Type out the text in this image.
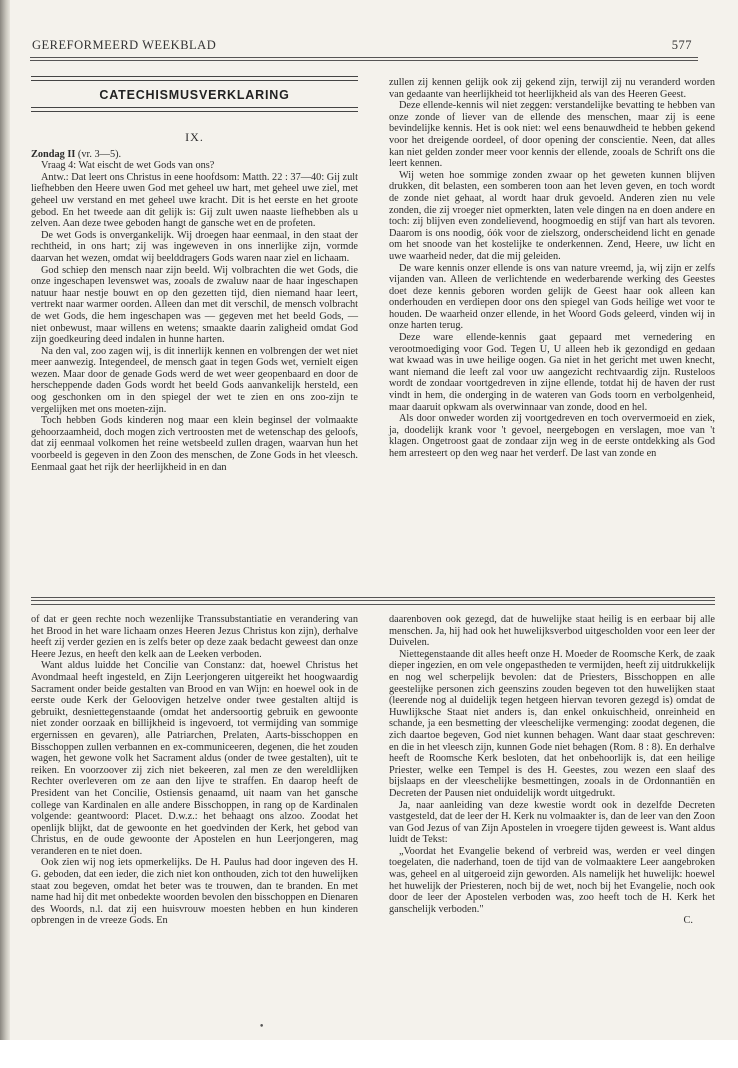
GEREFORMEERD WEEKBLAD	577
CATECHISMUSVERKLARING
IX.

Zondag II (vr. 3—5).

Vraag 4: Wat eischt de wet Gods van ons?

Antw.: Dat leert ons Christus in eene hoofdsom: Matth. 22 : 37—40: Gij zult liefhebben den Heere uwen God met geheel uw hart, met geheel uwe ziel, met geheel uw verstand en met geheel uwe kracht. Dit is het eerste en het groote gebod. En het tweede aan dit gelijk is: Gij zult uwen naaste liefhebben als u zelven. Aan deze twee geboden hangt de gansche wet en de profeten.

De wet Gods is onvergankelijk. Wij droegen haar eenmaal, in den staat der rechtheid, in ons hart; zij was ingeweven in ons innerlijke zijn, vormde daarvan het wezen, omdat wij beelddragers Gods waren naar ziel en lichaam.

God schiep den mensch naar zijn beeld. Wij volbrachten die wet Gods, die onze ingeschapen levenswet was, zooals de zwaluw naar de haar ingeschapen natuur haar nestje bouwt en op den gezetten tijd, dien niemand haar leert, vertrekt naar warmer oorden. Alleen dan met dit verschil, de mensch volbracht de wet Gods, die hem ingeschapen was — gegeven met het beeld Gods, — niet onbewust, maar willens en wetens; smaakte daarin zaligheid omdat God zijn goedkeuring deed indalen in hunne harten.

Na den val, zoo zagen wij, is dit innerlijk kennen en volbrengen der wet niet meer aanwezig. Integendeel, de mensch gaat in tegen Gods wet, vernielt eigen wezen. Maar door de genade Gods werd de wet weer geopenbaard en door de herscheppende daden Gods wordt het beeld Gods aanvankelijk hersteld, een oog geschonken om in den spiegel der wet te zien en ons zoo-zijn te vergelijken met ons moeten-zijn.

Toch hebben Gods kinderen nog maar een klein beginsel der volmaakte gehoorzaamheid, doch mogen zich vertroosten met de wetenschap des geloofs, dat zij eenmaal volkomen het reine wetsbeeld zullen dragen, waarvan hun het voorbeeld is gegeven in den Zoon des menschen, de Zone Gods in het vleesch. Eenmaal gaat het rijk der heerlijkheid in en dan

zullen zij kennen gelijk ook zij gekend zijn, terwijl zij nu veranderd worden van gedaante van heerlijkheid tot heerlijkheid als van des Heeren Geest.

Deze ellende-kennis wil niet zeggen: verstandelijke bevatting te hebben van onze zonde of liever van de ellende des menschen, maar zij is eene bevindelijke kennis. Het is ook niet: wel eens benauwdheid te hebben gekend voor het dreigende oordeel, of door opening der conscientie. Neen, dat alles kan niet gelden zonder meer voor kennis der ellende, zooals de Schrift ons die leert kennen.

Wij weten hoe sommige zonden zwaar op het geweten kunnen blijven drukken, dit belasten, een somberen toon aan het leven geven, en toch wordt de zonde niet gehaat, al wordt haar druk gevoeld. Anderen zien nu vele zonden, die zij vroeger niet opmerkten, laten vele dingen na en doen andere en toch: zij blijven even zondelievend, hoogmoedig en stijf van hart als tevoren. Daarom is ons noodig, óók voor de zielszorg, onderscheidend licht en genade om het snoode van het kostelijke te onderkennen. Zend, Heere, uw licht en uwe waarheid neder, dat die mij geleiden.

De ware kennis onzer ellende is ons van nature vreemd, ja, wij zijn er zelfs vijanden van. Alleen de verlichtende en wederbarende werking des Geestes doet deze kennis geboren worden gelijk de Geest haar ook alleen kan onderhouden en verdiepen door ons den spiegel van Gods heilige wet voor te houden. De waarheid onzer ellende, in het Woord Gods geleerd, vinden wij in onze harten terug.

Deze ware ellende-kennis gaat gepaard met vernedering en verootmoediging voor God. Tegen U, U alleen heb ik gezondigd en gedaan wat kwaad was in uwe heilige oogen. Ga niet in het gericht met uwen knecht, want niemand die leeft zal voor uw aangezicht rechtvaardig zijn. Rusteloos wordt de zondaar voortgedreven in zijne ellende, totdat hij de haven der rust vindt in hem, die onderging in de wateren van Gods toorn en verbolgenheid, maar daaruit opkwam als overwinnaar van zonde, dood en hel.

Als door onweder worden zij voortgedreven en toch oververmoeid en ziek, ja, doodelijk krank voor 't gevoel, neergebogen en verslagen, moe van 't klagen. Ongetroost gaat de zondaar zijn weg in de eerste ontdekking als God hem arresteert op den weg naar het verderf. De last van zonde en

of dat er geen rechte noch wezenlijke Transsubstantiatie en verandering van het Brood in het ware lichaam onzes Heeren Jezus Christus kon zijn), derhalve heeft zij verder gezien en is zelfs beter op deze zaak bedacht geweest dan onze Heere Jezus, en heeft den kelk aan de Leeken verboden.

Want aldus luidde het Concilie van Constanz: dat, hoewel Christus het Avondmaal heeft ingesteld, en Zijn Leerjongeren uitgereikt het hoogwaardig Sacrament onder beide gestalten van Brood en van Wijn: en hoewel ook in de eerste oude Kerk der Geloovigen hetzelve onder twee gestalten altijd is gebruikt, desniettegenstaande (omdat het andersoortig gebruik en gewoonte niet zonder oorzaak en billijkheid is ingevoerd, tot vermijding van sommige ergernissen en gevaren), alle Patriarchen, Prelaten, Aarts-bisschoppen en Bisschoppen zullen verbannen en ex-communiceeren, degenen, die het zouden wagen, het gewone volk het Sacrament aldus (onder de twee gestalten), uit te reiken. En voorzoover zij zich niet bekeeren, zal men ze den wereldlijken Rechter overleveren om ze aan den lijve te straffen. En daarop heeft de President van het Concilie, Ostiensis genaamd, uit naam van het gansche college van Kardinalen en alle andere Bisschoppen, in rang op de Kardinalen volgende: geantwoord: Placet. D.w.z.: het behaagt ons alzoo. Zoodat het openlijk blijkt, dat de gewoonte en het goedvinden der Kerk, het gebod van Christus, en de oude gewoonte der Apostelen en hun Leerjongeren, mag veranderen en te niet doen.

Ook zien wij nog iets opmerkelijks. De H. Paulus had door ingeven des H. G. geboden, dat een ieder, die zich niet kon onthouden, zich tot den huwelijken staat zou begeven, omdat het beter was te trouwen, dan te branden. En met name had hij dit met onbedekte woorden bevolen den bisschoppen en Dienaren des Woords, n.l. dat zij een huisvrouw moesten hebben en hun kinderen opbrengen in de vreeze Gods. En

daarenboven ook gezegd, dat de huwelijke staat heilig is en eerbaar bij alle menschen. Ja, hij had ook het huwelijksverbod uitgescholden voor een leer der Duivelen.

Niettegenstaande dit alles heeft onze H. Moeder de Roomsche Kerk, de zaak dieper ingezien, en om vele ongepastheden te vermijden, heeft zij uitdrukkelijk en nog wel scherpelijk bevolen: dat de Priesters, Bisschoppen en alle geestelijke personen zich geenszins zouden begeven tot den huwelijken staat (leerende nog al duidelijk tegen hetgeen hiervan tevoren gezegd is) omdat de Huwlijksche Staat niet anders is, dan enkel onkuischheid, onreinheid en schande, ja een besmetting der vleeschelijke vermenging: zoodat degenen, die zich daartoe begeven, God niet kunnen behagen. Want daar staat geschreven: en die in het vleesch zijn, kunnen Gode niet behagen (Rom. 8 : 8). En derhalve heeft de Roomsche Kerk besloten, dat het onbehoorlijk is, dat een heilige Priester, welke een Tempel is des H. Geestes, zou wezen een slaaf des bijslaaps en der vleeschelijke besmettingen, zooals in de Ordonnantiën en Decreten der Pausen niet onduidelijk wordt uitgedrukt.

Ja, naar aanleiding van deze kwestie wordt ook in dezelfde Decreten vastgesteld, dat de leer der H. Kerk nu volmaakter is, dan de leer van den Zoon van God Jezus of van Zijn Apostelen in vroegere tijden geweest is. Want aldus luidt de Tekst:

„Voordat het Evangelie bekend of verbreid was, werden er veel dingen toegelaten, die naderhand, toen de tijd van de volmaaktere Leer aangebroken was, geheel en al uitgeroeid zijn geworden. Als namelijk het huwelijk: hoewel het huwelijk der Priesteren, noch bij de wet, noch bij het Evangelie, noch ook door de leer der Apostelen verboden was, zoo heeft toch de H. Kerk het ganschelijk verboden."

C.
•
